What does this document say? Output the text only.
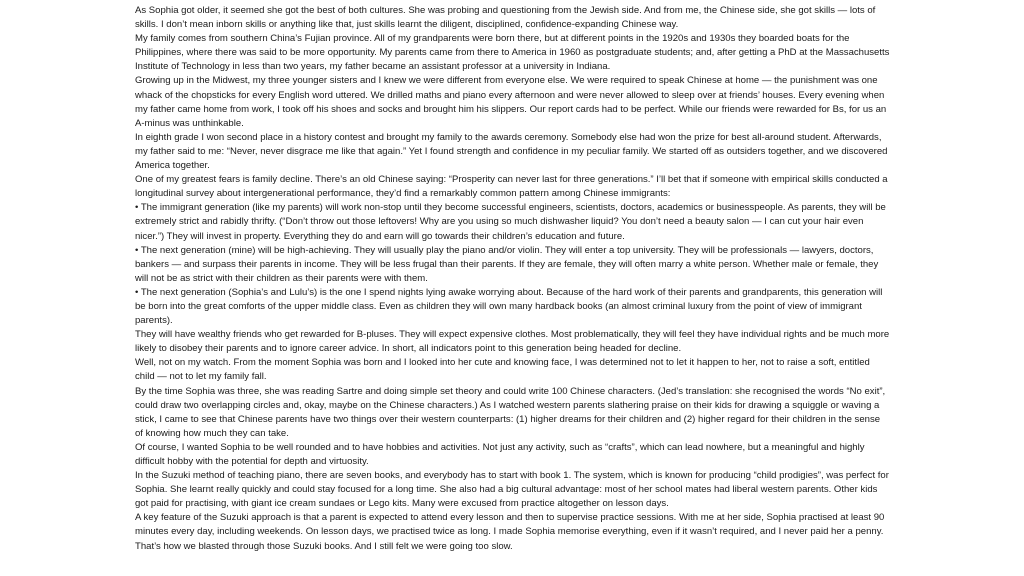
As Sophia got older, it seemed she got the best of both cultures. She was probing and questioning from the Jewish side. And from me, the Chinese side, she got skills — lots of skills. I don’t mean inborn skills or anything like that, just skills learnt the diligent, disciplined, confidence-expanding Chinese way.

My family comes from southern China’s Fujian province. All of my grandparents were born there, but at different points in the 1920s and 1930s they boarded boats for the Philippines, where there was said to be more opportunity. My parents came from there to America in 1960 as postgraduate students; and, after getting a PhD at the Massachusetts Institute of Technology in less than two years, my father became an assistant professor at a university in Indiana.

Growing up in the Midwest, my three younger sisters and I knew we were different from everyone else. We were required to speak Chinese at home — the punishment was one whack of the chopsticks for every English word uttered. We drilled maths and piano every afternoon and were never allowed to sleep over at friends’ houses. Every evening when my father came home from work, I took off his shoes and socks and brought him his slippers. Our report cards had to be perfect. While our friends were rewarded for Bs, for us an A-minus was unthinkable.

In eighth grade I won second place in a history contest and brought my family to the awards ceremony. Somebody else had won the prize for best all-around student. Afterwards, my father said to me: “Never, never disgrace me like that again.” Yet I found strength and confidence in my peculiar family. We started off as outsiders together, and we discovered America together.

One of my greatest fears is family decline. There’s an old Chinese saying: “Prosperity can never last for three generations.” I’ll bet that if someone with empirical skills conducted a longitudinal survey about intergenerational performance, they’d find a remarkably common pattern among Chinese immigrants:

• The immigrant generation (like my parents) will work non-stop until they become successful engineers, scientists, doctors, academics or businesspeople. As parents, they will be extremely strict and rabidly thrifty. (“Don’t throw out those leftovers! Why are you using so much dishwasher liquid? You don’t need a beauty salon — I can cut your hair even nicer.”) They will invest in property. Everything they do and earn will go towards their children’s education and future.

• The next generation (mine) will be high-achieving. They will usually play the piano and/or violin. They will enter a top university. They will be professionals — lawyers, doctors, bankers — and surpass their parents in income. They will be less frugal than their parents. If they are female, they will often marry a white person. Whether male or female, they will not be as strict with their children as their parents were with them.

• The next generation (Sophia’s and Lulu’s) is the one I spend nights lying awake worrying about. Because of the hard work of their parents and grandparents, this generation will be born into the great comforts of the upper middle class. Even as children they will own many hardback books (an almost criminal luxury from the point of view of immigrant parents).

They will have wealthy friends who get rewarded for B-pluses. They will expect expensive clothes. Most problematically, they will feel they have individual rights and be much more likely to disobey their parents and to ignore career advice. In short, all indicators point to this generation being headed for decline.

Well, not on my watch. From the moment Sophia was born and I looked into her cute and knowing face, I was determined not to let it happen to her, not to raise a soft, entitled child — not to let my family fall.

By the time Sophia was three, she was reading Sartre and doing simple set theory and could write 100 Chinese characters. (Jed’s translation: she recognised the words “No exit”, could draw two overlapping circles and, okay, maybe on the Chinese characters.) As I watched western parents slathering praise on their kids for drawing a squiggle or waving a stick, I came to see that Chinese parents have two things over their western counterparts: (1) higher dreams for their children and (2) higher regard for their children in the sense of knowing how much they can take.

Of course, I wanted Sophia to be well rounded and to have hobbies and activities. Not just any activity, such as “crafts”, which can lead nowhere, but a meaningful and highly difficult hobby with the potential for depth and virtuosity.

In the Suzuki method of teaching piano, there are seven books, and everybody has to start with book 1. The system, which is known for producing “child prodigies”, was perfect for Sophia. She learnt really quickly and could stay focused for a long time. She also had a big cultural advantage: most of her school mates had liberal western parents. Other kids got paid for practising, with giant ice cream sundaes or Lego kits. Many were excused from practice altogether on lesson days.

A key feature of the Suzuki approach is that a parent is expected to attend every lesson and then to supervise practice sessions. With me at her side, Sophia practised at least 90 minutes every day, including weekends. On lesson days, we practised twice as long. I made Sophia memorise everything, even if it wasn’t required, and I never paid her a penny. That’s how we blasted through those Suzuki books. And I still felt we were going too slow.
